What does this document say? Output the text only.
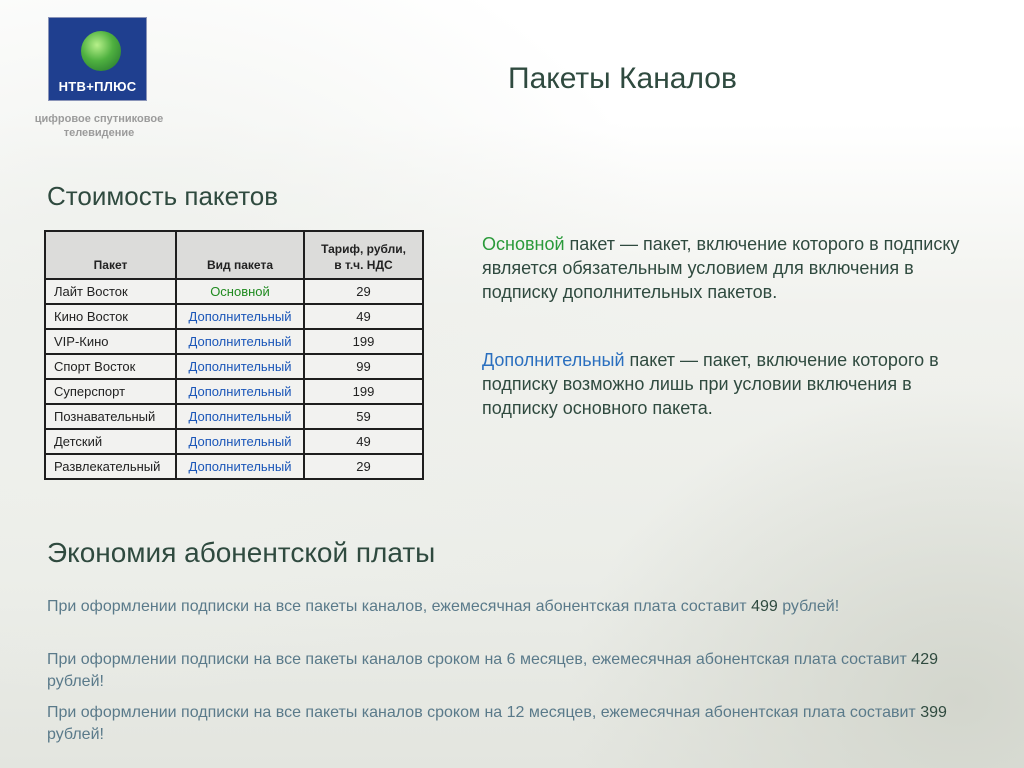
НТВ+ПЛЮС
цифровое спутниковое
телевидение
Пакеты Каналов
Стоимость пакетов
Пакет	Вид пакета	Тариф, рубли,
в т.ч. НДС

Лайт Восток	Основной	29
Кино Восток	Дополнительный	49
VIP-Кино	Дополнительный	199
Спорт Восток	Дополнительный	99
Суперспорт	Дополнительный	199
Познавательный	Дополнительный	59
Детский	Дополнительный	49
Развлекательный	Дополнительный	29
Основной пакет — пакет, включение которого в подписку является обязательным условием для включения в подписку дополнительных пакетов.
Дополнительный пакет — пакет, включение которого в подписку возможно лишь при условии включения в подписку основного пакета.
Экономия абонентской платы
При оформлении подписки на все пакеты каналов, ежемесячная абонентская плата составит 499 рублей!
При оформлении подписки на все пакеты каналов сроком на 6 месяцев, ежемесячная абонентская плата составит 429 рублей!
При оформлении подписки на все пакеты каналов сроком на 12 месяцев, ежемесячная абонентская плата составит 399 рублей!
